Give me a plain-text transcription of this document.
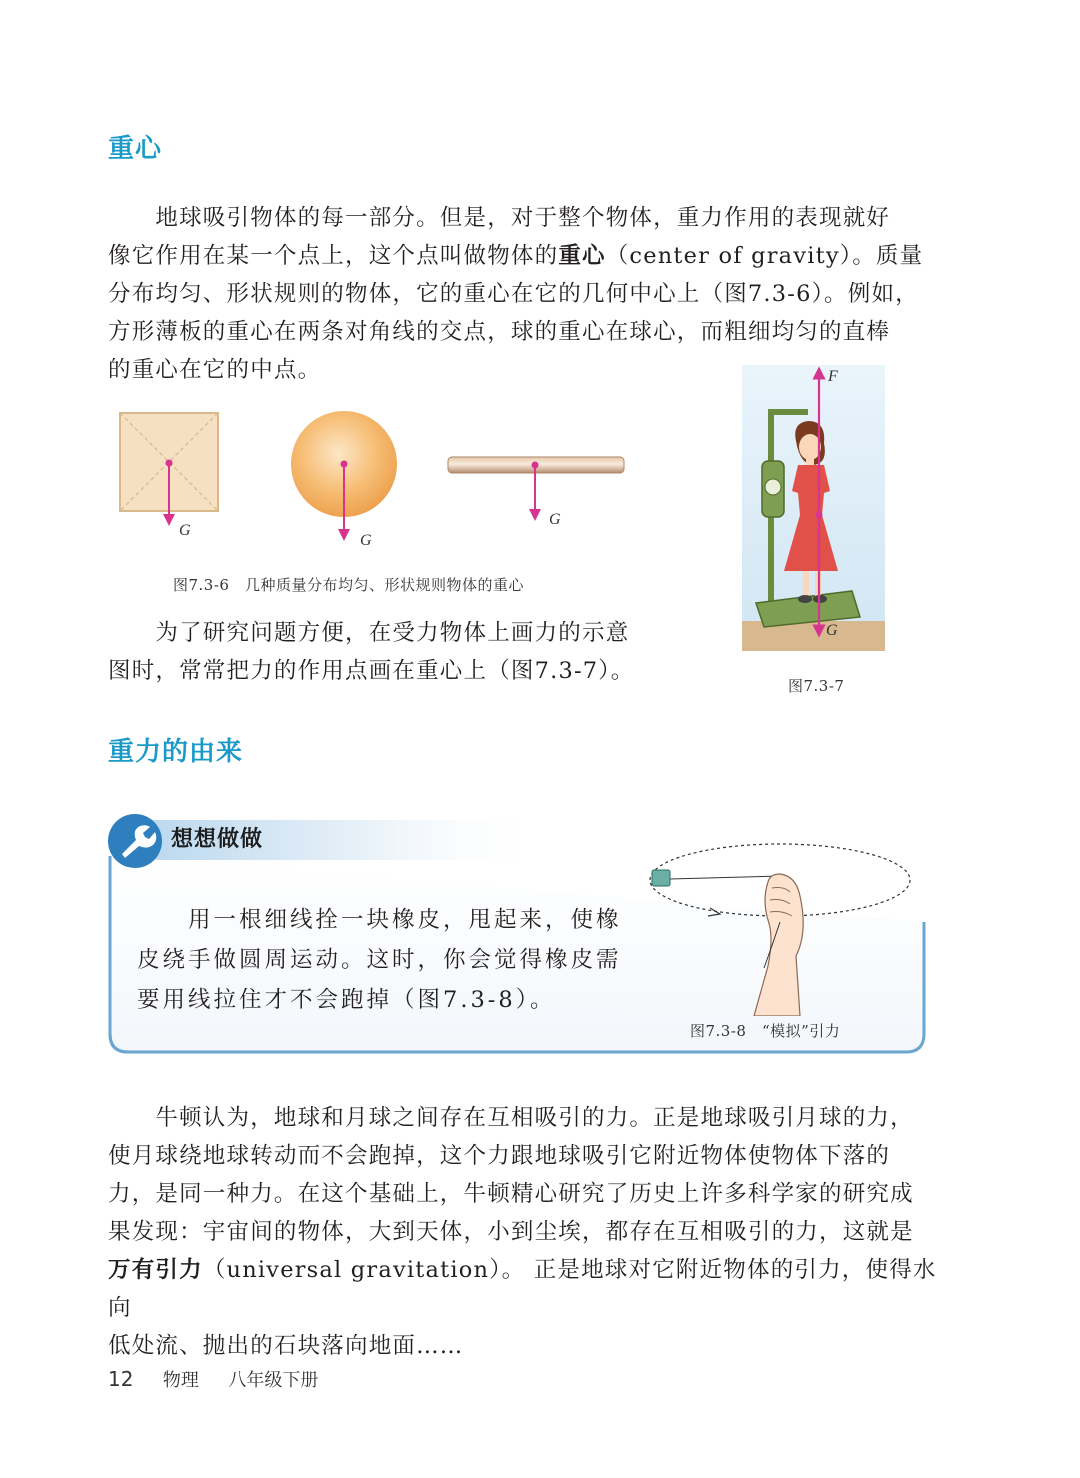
重心
　　地球吸引物体的每一部分。但是，对于整个物体，重力作用的表现就好
像它作用在某一个点上，这个点叫做物体的重心（center of gravity）。质量
分布均匀、形状规则的物体，它的重心在它的几何中心上（图7.3-6）。例如，
方形薄板的重心在两条对角线的交点，球的重心在球心，而粗细均匀的直棒
的重心在它的中点。
G
G
G
图7.3-6　几种质量分布均匀、形状规则物体的重心
F
G
图7.3-7
　　为了研究问题方便，在受力物体上画力的示意
图时，常常把力的作用点画在重心上（图7.3-7）。
重力的由来
想想做做
　　用一根细线拴一块橡皮，甩起来，使橡
皮绕手做圆周运动。这时，你会觉得橡皮需
要用线拉住才不会跑掉（图7.3-8）。
图7.3-8　“模拟”引力
　　牛顿认为，地球和月球之间存在互相吸引的力。正是地球吸引月球的力，
使月球绕地球转动而不会跑掉，这个力跟地球吸引它附近物体使物体下落的
力，是同一种力。在这个基础上，牛顿精心研究了历史上许多科学家的研究成
果发现：宇宙间的物体，大到天体，小到尘埃，都存在互相吸引的力，这就是
万有引力（universal gravitation）。 正是地球对它附近物体的引力，使得水向
低处流、抛出的石块落向地面……
12 物理 八年级下册
